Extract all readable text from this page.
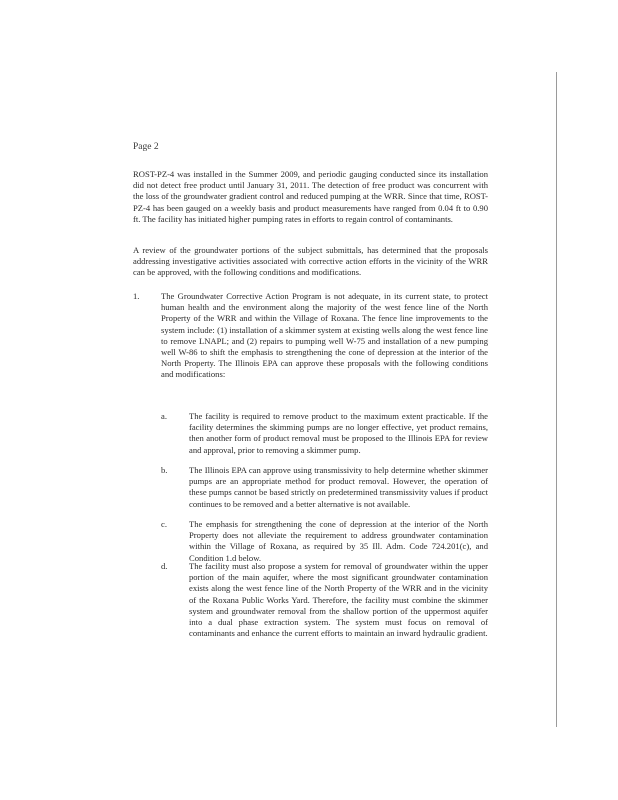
Page 2

ROST-PZ-4 was installed in the Summer 2009, and periodic gauging conducted since its installation did not detect free product until January 31, 2011. The detection of free product was concurrent with the loss of the groundwater gradient control and reduced pumping at the WRR. Since that time, ROST-PZ-4 has been gauged on a weekly basis and product measurements have ranged from 0.04 ft to 0.90 ft. The facility has initiated higher pumping rates in efforts to regain control of contaminants.

A review of the groundwater portions of the subject submittals, has determined that the proposals addressing investigative activities associated with corrective action efforts in the vicinity of the WRR can be approved, with the following conditions and modifications.

1.	The Groundwater Corrective Action Program is not adequate, in its current state, to protect human health and the environment along the majority of the west fence line of the North Property of the WRR and within the Village of Roxana. The fence line improvements to the system include: (1) installation of a skimmer system at existing wells along the west fence line to remove LNAPL; and (2) repairs to pumping well W-75 and installation of a new pumping well W-86 to shift the emphasis to strengthening the cone of depression at the interior of the North Property. The Illinois EPA can approve these proposals with the following conditions and modifications:

a.	The facility is required to remove product to the maximum extent practicable. If the facility determines the skimming pumps are no longer effective, yet product remains, then another form of product removal must be proposed to the Illinois EPA for review and approval, prior to removing a skimmer pump.

b.	The Illinois EPA can approve using transmissivity to help determine whether skimmer pumps are an appropriate method for product removal. However, the operation of these pumps cannot be based strictly on predetermined transmissivity values if product continues to be removed and a better alternative is not available.

c.	The emphasis for strengthening the cone of depression at the interior of the North Property does not alleviate the requirement to address groundwater contamination within the Village of Roxana, as required by 35 Ill. Adm. Code 724.201(c), and Condition 1.d below.

d.	The facility must also propose a system for removal of groundwater within the upper portion of the main aquifer, where the most significant groundwater contamination exists along the west fence line of the North Property of the WRR and in the vicinity of the Roxana Public Works Yard. Therefore, the facility must combine the skimmer system and groundwater removal from the shallow portion of the uppermost aquifer into a dual phase extraction system. The system must focus on removal of contaminants and enhance the current efforts to maintain an inward hydraulic gradient.
